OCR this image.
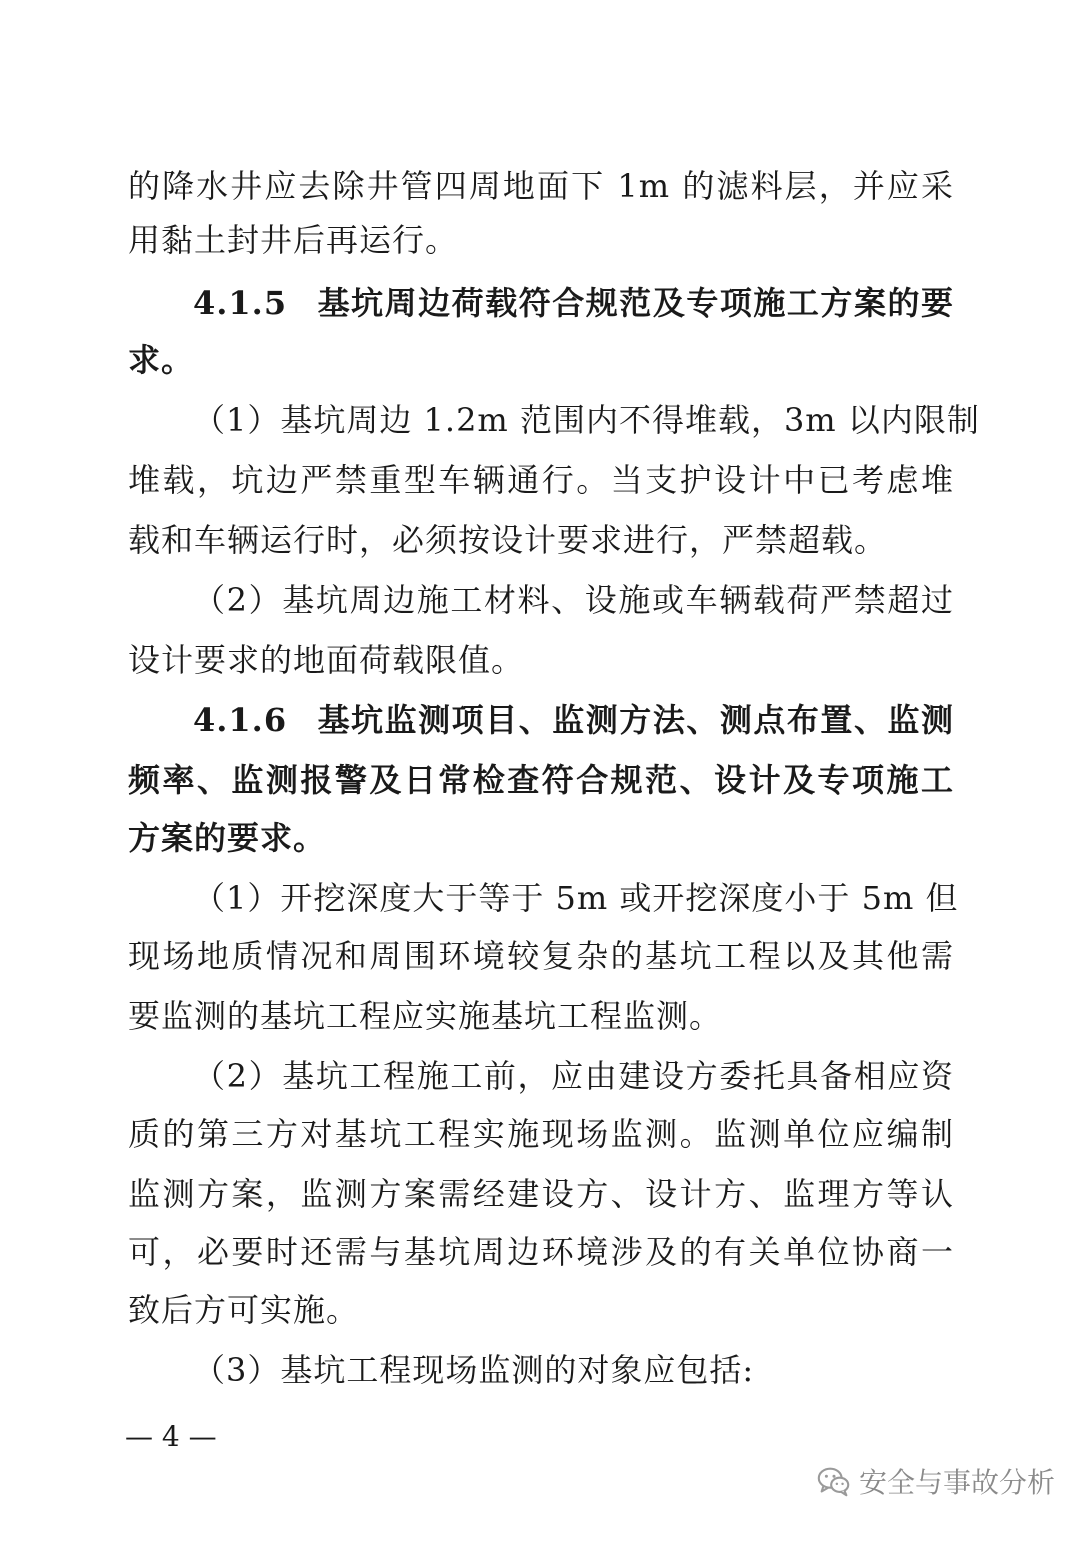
的降水井应去除井管四周地面下 1m 的滤料层，并应采
用黏土封井后再运行。
4.1.5 基坑周边荷载符合规范及专项施工方案的要
求。
（1）基坑周边 1.2m 范围内不得堆载，3m 以内限制
堆载，坑边严禁重型车辆通行。当支护设计中已考虑堆
载和车辆运行时，必须按设计要求进行，严禁超载。
（2）基坑周边施工材料、设施或车辆载荷严禁超过
设计要求的地面荷载限值。
4.1.6 基坑监测项目、监测方法、测点布置、监测
频率、监测报警及日常检查符合规范、设计及专项施工
方案的要求。
（1）开挖深度大于等于 5m 或开挖深度小于 5m 但
现场地质情况和周围环境较复杂的基坑工程以及其他需
要监测的基坑工程应实施基坑工程监测。
（2）基坑工程施工前，应由建设方委托具备相应资
质的第三方对基坑工程实施现场监测。监测单位应编制
监测方案，监测方案需经建设方、设计方、监理方等认
可，必要时还需与基坑周边环境涉及的有关单位协商一
致后方可实施。
（3）基坑工程现场监测的对象应包括:
— 4 —
安全与事故分析
